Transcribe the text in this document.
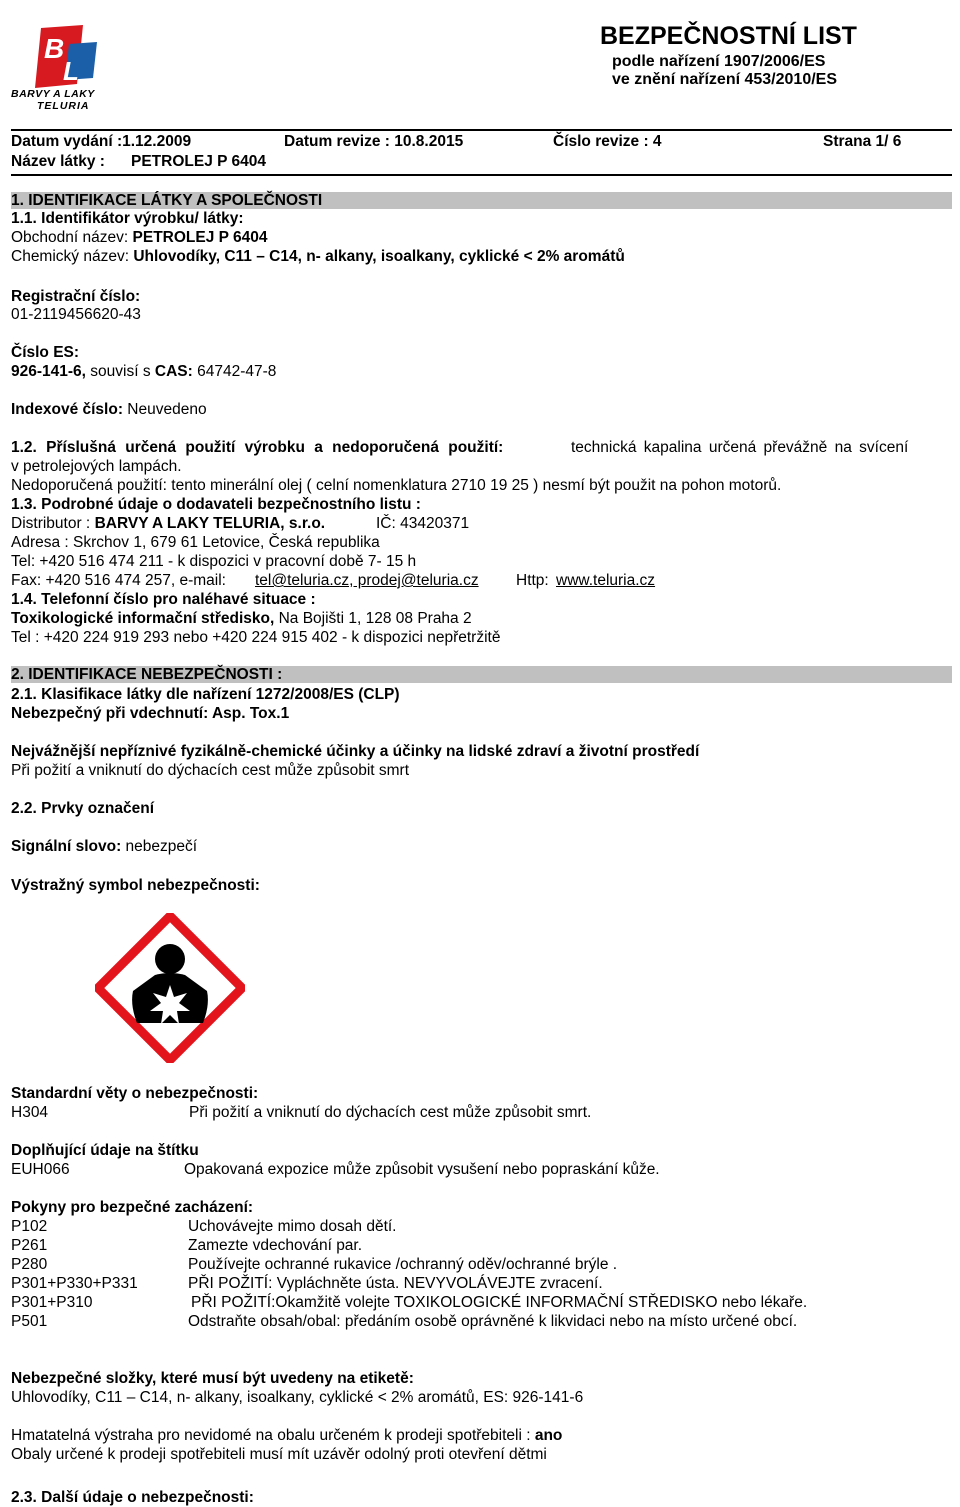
B
L
BARVY A LAKY
TELURIA
BEZPEČNOSTNÍ LIST
podle nařízení 1907/2006/ES
ve znění nařízení 453/2010/ES
Datum vydání :1.12.2009	Datum revize : 10.8.2015	Číslo revize : 4	Strana 1/ 6
Název látky : PETROLEJ P 6404
1. IDENTIFIKACE LÁTKY A SPOLEČNOSTI
1.1. Identifikátor výrobku/ látky:
Obchodní název: PETROLEJ P 6404
Chemický název: Uhlovodíky, C11 – C14, n- alkany, isoalkany, cyklické < 2% aromátů
Registrační číslo:
01-2119456620-43
Číslo ES:
926-141-6, souvisí s CAS: 64742-47-8
Indexové číslo: Neuvedeno
1.2. Příslušná určená použití výrobku a nedoporučená použití:	technická kapalina určená převážně na svícení
v petrolejových lampách.
Nedoporučená použití: tento minerální olej ( celní nomenklatura 2710 19 25 ) nesmí být použit na pohon motorů.
1.3. Podrobné údaje o dodavateli bezpečnostního listu :
Distributor : BARVY A LAKY TELURIA, s.r.o.	IČ: 43420371
Adresa : Skrchov 1, 679 61 Letovice, Česká republika
Tel: +420 516 474 211 - k dispozici v pracovní době 7- 15 h
Fax: +420 516 474 257, e-mail: tel@teluria.cz, prodej@teluria.cz Http: www.teluria.cz
1.4. Telefonní číslo pro naléhavé situace :
Toxikologické informační středisko, Na Bojišti 1, 128 08 Praha 2
Tel : +420 224 919 293 nebo +420 224 915 402 - k dispozici nepřetržitě
2. IDENTIFIKACE NEBEZPEČNOSTI :
2.1. Klasifikace látky dle nařízení 1272/2008/ES (CLP)
Nebezpečný při vdechnutí: Asp. Tox.1
Nejvážnější nepříznivé fyzikálně-chemické účinky a účinky na lidské zdraví a životní prostředí
Při požití a vniknutí do dýchacích cest může způsobit smrt
2.2. Prvky označení
Signální slovo: nebezpečí
Výstražný symbol nebezpečnosti:
Standardní věty o nebezpečnosti:
H304	Při požití a vniknutí do dýchacích cest může způsobit smrt.
Doplňující údaje na štítku
EUH066	Opakovaná expozice může způsobit vysušení nebo popraskání kůže.
Pokyny pro bezpečné zacházení:
P102	Uchovávejte mimo dosah dětí.
P261	Zamezte vdechování par.
P280	Používejte ochranné rukavice /ochranný oděv/ochranné brýle .
P301+P330+P331	PŘI POŽITÍ: Vypláchněte ústa. NEVYVOLÁVEJTE zvracení.
P301+P310	PŘI POŽITÍ:Okamžitě volejte TOXIKOLOGICKÉ INFORMAČNÍ STŘEDISKO nebo lékaře.
P501	Odstraňte obsah/obal: předáním osobě oprávněné k likvidaci nebo na místo určené obcí.
Nebezpečné složky, které musí být uvedeny na etiketě:
Uhlovodíky, C11 – C14, n- alkany, isoalkany, cyklické < 2% aromátů, ES: 926-141-6
Hmatatelná výstraha pro nevidomé na obalu určeném k prodeji spotřebiteli : ano
Obaly určené k prodeji spotřebiteli musí mít uzávěr odolný proti otevření dětmi
2.3. Další údaje o nebezpečnosti:
